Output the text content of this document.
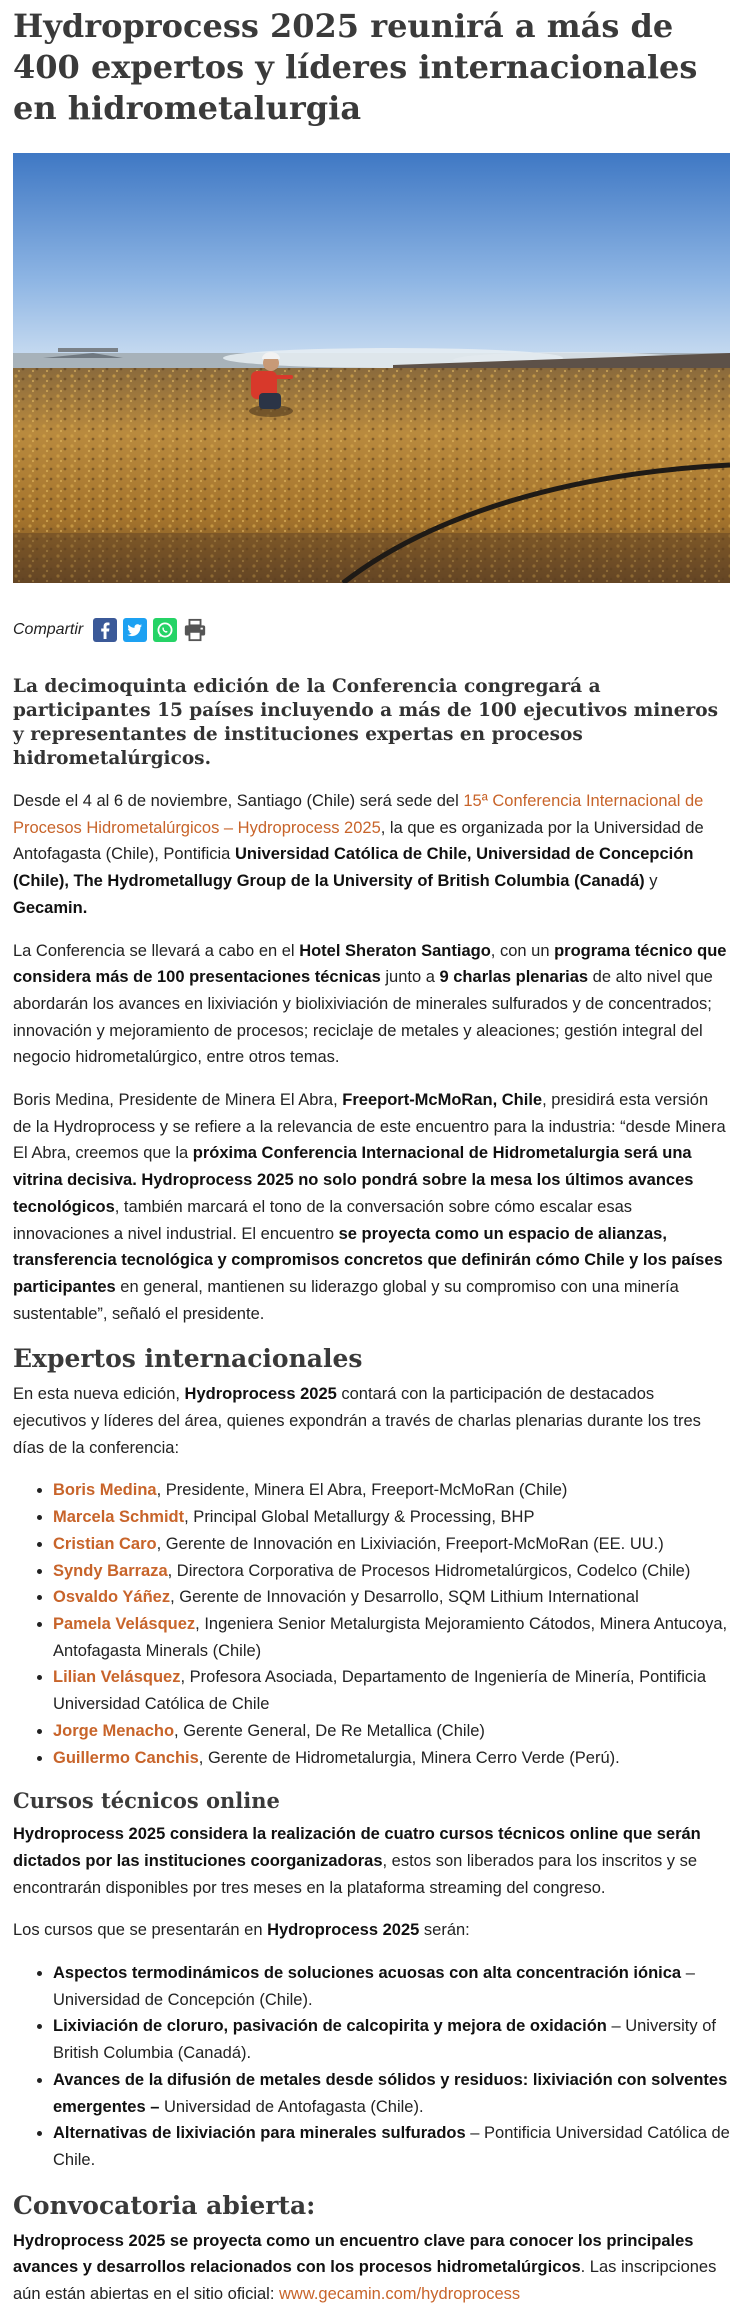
Hydroprocess 2025 reunirá a más de 400 expertos y líderes internacionales en hidrometalurgia
Compartir

La decimoquinta edición de la Conferencia congregará a participantes 15 países incluyendo a más de 100 ejecutivos mineros y representantes de instituciones expertas en procesos hidrometalúrgicos.

Desde el 4 al 6 de noviembre, Santiago (Chile) será sede del 15ª Conferencia Internacional de Procesos Hidrometalúrgicos – Hydroprocess 2025, la que es organizada por la Universidad de Antofagasta (Chile), Pontificia Universidad Católica de Chile, Universidad de Concepción (Chile), The Hydrometallugy Group de la University of British Columbia (Canadá) y Gecamin.

La Conferencia se llevará a cabo en el Hotel Sheraton Santiago, con un programa técnico que considera más de 100 presentaciones técnicas junto a 9 charlas plenarias de alto nivel que abordarán los avances en lixiviación y biolixiviación de minerales sulfurados y de concentrados; innovación y mejoramiento de procesos; reciclaje de metales y aleaciones; gestión integral del negocio hidrometalúrgico, entre otros temas.

Boris Medina, Presidente de Minera El Abra, Freeport-McMoRan, Chile, presidirá esta versión de la Hydroprocess y se refiere a la relevancia de este encuentro para la industria: “desde Minera El Abra, creemos que la próxima Conferencia Internacional de Hidrometalurgia será una vitrina decisiva. Hydroprocess 2025 no solo pondrá sobre la mesa los últimos avances tecnológicos, también marcará el tono de la conversación sobre cómo escalar esas innovaciones a nivel industrial. El encuentro se proyecta como un espacio de alianzas, transferencia tecnológica y compromisos concretos que definirán cómo Chile y los países participantes en general, mantienen su liderazgo global y su compromiso con una minería sustentable”, señaló el presidente.

Expertos internacionales

En esta nueva edición, Hydroprocess 2025 contará con la participación de destacados ejecutivos y líderes del área, quienes expondrán a través de charlas plenarias durante los tres días de la conferencia:

• Boris Medina, Presidente, Minera El Abra, Freeport-McMoRan (Chile)
• Marcela Schmidt, Principal Global Metallurgy & Processing, BHP
• Cristian Caro, Gerente de Innovación en Lixiviación, Freeport-McMoRan (EE. UU.)
• Syndy Barraza, Directora Corporativa de Procesos Hidrometalúrgicos, Codelco (Chile)
• Osvaldo Yáñez, Gerente de Innovación y Desarrollo, SQM Lithium International
• Pamela Velásquez, Ingeniera Senior Metalurgista Mejoramiento Cátodos, Minera Antucoya, Antofagasta Minerals (Chile)
• Lilian Velásquez, Profesora Asociada, Departamento de Ingeniería de Minería, Pontificia Universidad Católica de Chile
• Jorge Menacho, Gerente General, De Re Metallica (Chile)
• Guillermo Canchis, Gerente de Hidrometalurgia, Minera Cerro Verde (Perú).
Cursos técnicos online

Hydroprocess 2025 considera la realización de cuatro cursos técnicos online que serán dictados por las instituciones coorganizadoras, estos son liberados para los inscritos y se encontrarán disponibles por tres meses en la plataforma streaming del congreso.

Los cursos que se presentarán en Hydroprocess 2025 serán:

• Aspectos termodinámicos de soluciones acuosas con alta concentración iónica – Universidad de Concepción (Chile).
• Lixiviación de cloruro, pasivación de calcopirita y mejora de oxidación – University of British Columbia (Canadá).
• Avances de la difusión de metales desde sólidos y residuos: lixiviación con solventes emergentes – Universidad de Antofagasta (Chile).
• Alternativas de lixiviación para minerales sulfurados – Pontificia Universidad Católica de Chile.
Convocatoria abierta:

Hydroprocess 2025 se proyecta como un encuentro clave para conocer los principales avances y desarrollos relacionados con los procesos hidrometalúrgicos. Las inscripciones aún están abiertas en el sitio oficial: www.gecamin.com/hydroprocess
